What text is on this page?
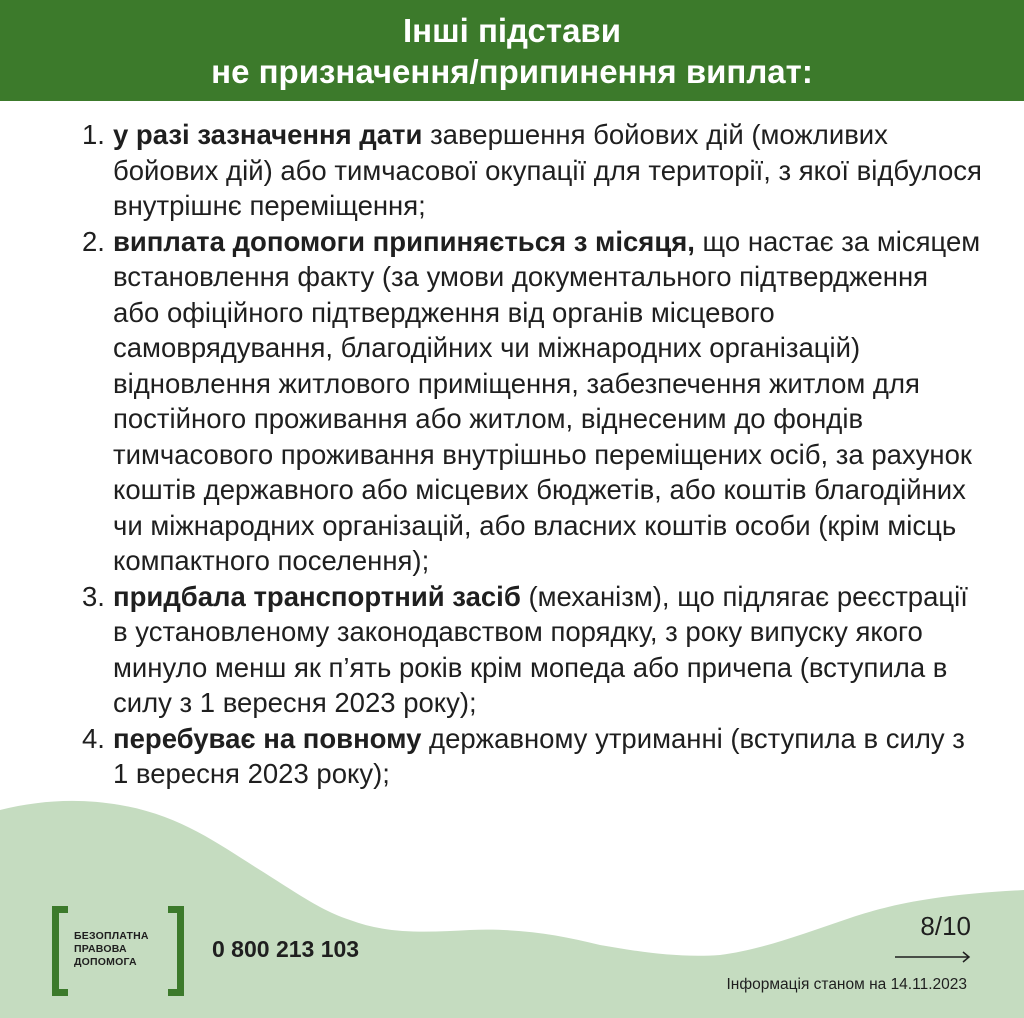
Інші підстави
не призначення/припинення виплат:

1. у разі зазначення дати завершення бойових дій (можливих бойових дій) або тимчасової окупації для території, з якої відбулося внутрішнє переміщення;

2. виплата допомоги припиняється з місяця, що настає за місяцем встановлення факту (за умови документального підтвердження або офіційного підтвердження від органів місцевого самоврядування, благодійних чи міжнародних організацій) відновлення житлового приміщення, забезпечення житлом для постійного проживання або житлом, віднесеним до фондів тимчасового проживання внутрішньо переміщених осіб, за рахунок коштів державного або місцевих бюджетів, або коштів благодійних чи міжнародних організацій, або власних коштів особи (крім місць компактного поселення);

3. придбала транспортний засіб (механізм), що підлягає реєстрації в установленому законодавством порядку, з року випуску якого минуло менш як п’ять років крім мопеда або причепа (вступила в силу з 1 вересня 2023 року);

4. перебуває на повному державному утриманні (вступила в силу з 1 вересня 2023 року);

БЕЗОПЛАТНА
ПРАВОВА
ДОПОМОГА	0 800 213 103
8/10
Інформація станом на 14.11.2023
